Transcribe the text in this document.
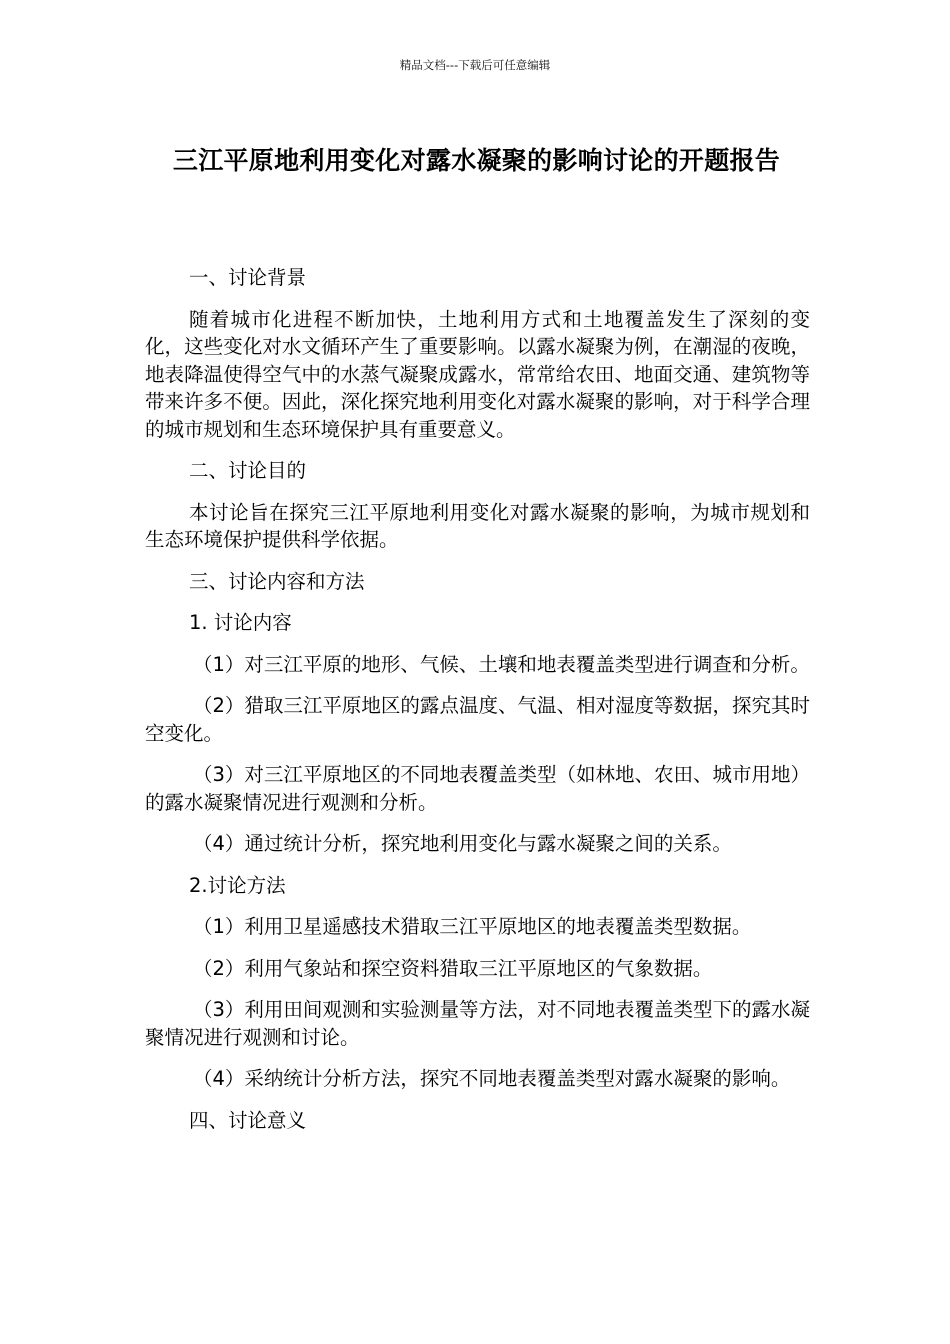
精品文档---下载后可任意编辑
三江平原地利用变化对露水凝聚的影响讨论的开题报告

一、讨论背景

随着城市化进程不断加快，土地利用方式和土地覆盖发生了深刻的变化，这些变化对水文循环产生了重要影响。以露水凝聚为例，在潮湿的夜晚，地表降温使得空气中的水蒸气凝聚成露水，常常给农田、地面交通、建筑物等带来许多不便。因此，深化探究地利用变化对露水凝聚的影响，对于科学合理的城市规划和生态环境保护具有重要意义。

二、讨论目的

本讨论旨在探究三江平原地利用变化对露水凝聚的影响，为城市规划和生态环境保护提供科学依据。

三、讨论内容和方法

1. 讨论内容

（1）对三江平原的地形、气候、土壤和地表覆盖类型进行调查和分析。

（2）猎取三江平原地区的露点温度、气温、相对湿度等数据，探究其时空变化。

（3）对三江平原地区的不同地表覆盖类型（如林地、农田、城市用地）的露水凝聚情况进行观测和分析。

（4）通过统计分析，探究地利用变化与露水凝聚之间的关系。

2.讨论方法

（1）利用卫星遥感技术猎取三江平原地区的地表覆盖类型数据。

（2）利用气象站和探空资料猎取三江平原地区的气象数据。

（3）利用田间观测和实验测量等方法，对不同地表覆盖类型下的露水凝聚情况进行观测和讨论。

（4）采纳统计分析方法，探究不同地表覆盖类型对露水凝聚的影响。

四、讨论意义
